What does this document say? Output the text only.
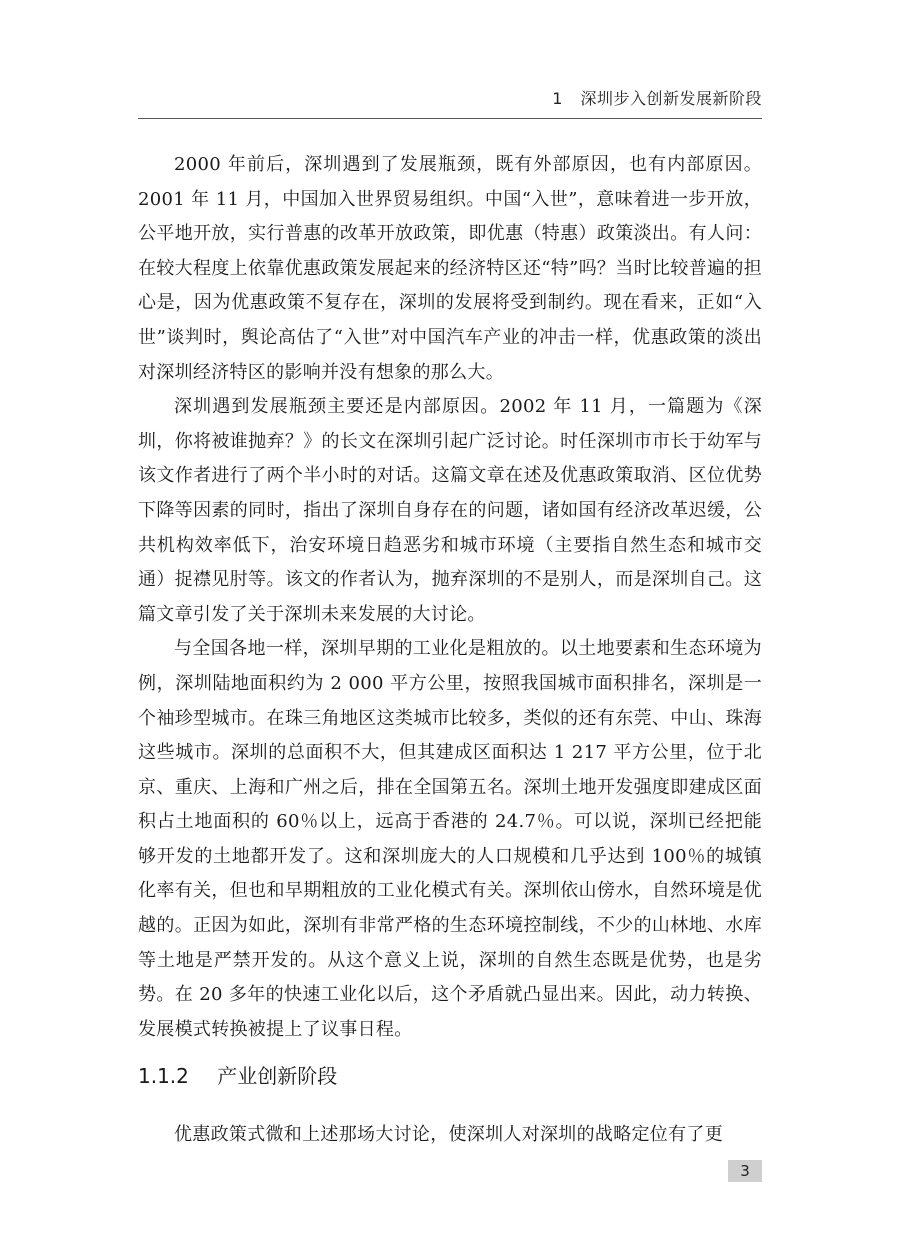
1 深圳步入创新发展新阶段

2000 年前后，深圳遇到了发展瓶颈，既有外部原因，也有内部原因。2001 年 11 月，中国加入世界贸易组织。中国“入世”，意味着进一步开放，公平地开放，实行普惠的改革开放政策，即优惠（特惠）政策淡出。有人问：在较大程度上依靠优惠政策发展起来的经济特区还“特”吗？当时比较普遍的担心是，因为优惠政策不复存在，深圳的发展将受到制约。现在看来，正如“入世”谈判时，舆论高估了“入世”对中国汽车产业的冲击一样，优惠政策的淡出对深圳经济特区的影响并没有想象的那么大。

深圳遇到发展瓶颈主要还是内部原因。2002 年 11 月，一篇题为《深圳，你将被谁抛弃？》的长文在深圳引起广泛讨论。时任深圳市市长于幼军与该文作者进行了两个半小时的对话。这篇文章在述及优惠政策取消、区位优势下降等因素的同时，指出了深圳自身存在的问题，诸如国有经济改革迟缓，公共机构效率低下，治安环境日趋恶劣和城市环境（主要指自然生态和城市交通）捉襟见肘等。该文的作者认为，抛弃深圳的不是别人，而是深圳自己。这篇文章引发了关于深圳未来发展的大讨论。

与全国各地一样，深圳早期的工业化是粗放的。以土地要素和生态环境为例，深圳陆地面积约为 2 000 平方公里，按照我国城市面积排名，深圳是一个袖珍型城市。在珠三角地区这类城市比较多，类似的还有东莞、中山、珠海这些城市。深圳的总面积不大，但其建成区面积达 1 217 平方公里，位于北京、重庆、上海和广州之后，排在全国第五名。深圳土地开发强度即建成区面积占土地面积的 60％以上，远高于香港的 24.7％。可以说，深圳已经把能够开发的土地都开发了。这和深圳庞大的人口规模和几乎达到 100％的城镇化率有关，但也和早期粗放的工业化模式有关。深圳依山傍水，自然环境是优越的。正因为如此，深圳有非常严格的生态环境控制线，不少的山林地、水库等土地是严禁开发的。从这个意义上说，深圳的自然生态既是优势，也是劣势。在 20 多年的快速工业化以后，这个矛盾就凸显出来。因此，动力转换、发展模式转换被提上了议事日程。

1.1.2 产业创新阶段

优惠政策式微和上述那场大讨论，使深圳人对深圳的战略定位有了更

3
